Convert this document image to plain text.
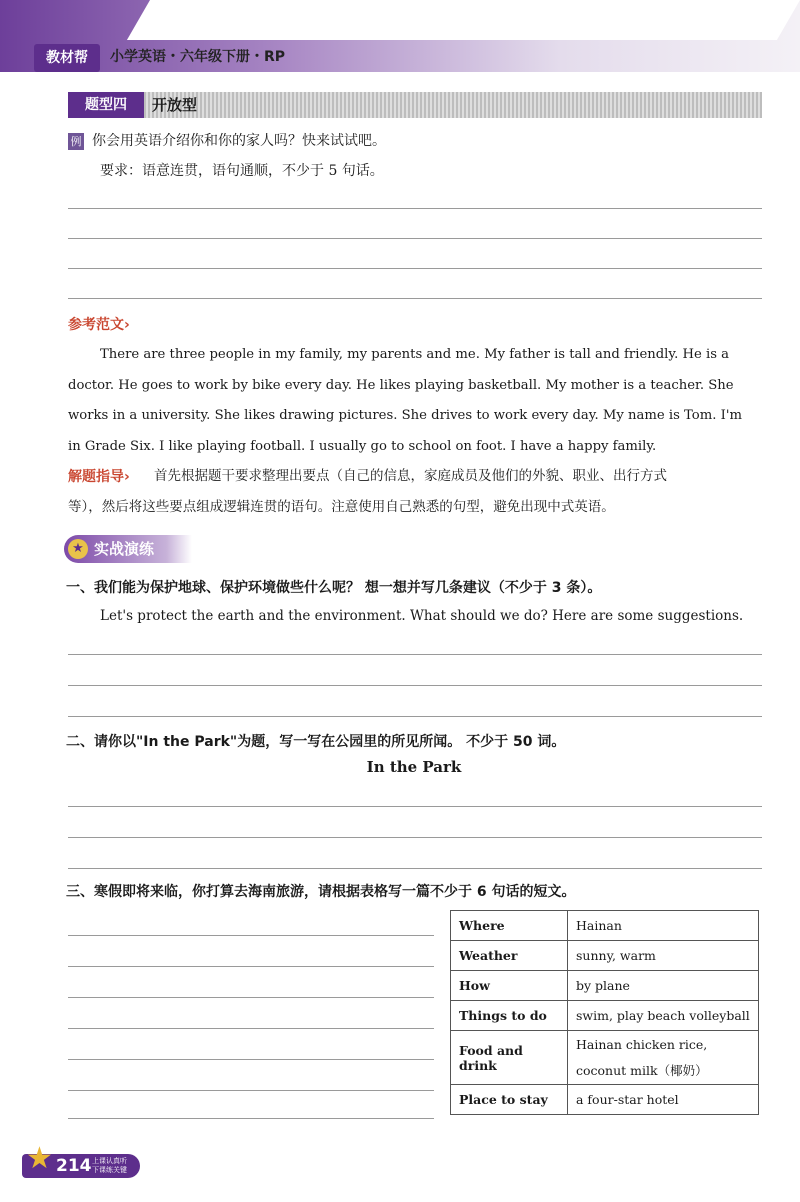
教材帮	小学英语・六年级下册・RP
题型四	开放型
例 你会用英语介绍你和你的家人吗？快来试试吧。
要求：语意连贯，语句通顺，不少于 5 句话。
参考范文›

There are three people in my family, my parents and me. My father is tall and friendly. He is a

doctor. He goes to work by bike every day. He likes playing basketball. My mother is a teacher. She

works in a university. She likes drawing pictures. She drives to work every day. My name is Tom. I'm

in Grade Six. I like playing football. I usually go to school on foot. I have a happy family.

解题指导› 首先根据题干要求整理出要点（自己的信息，家庭成员及他们的外貌、职业、出行方式
等），然后将这些要点组成逻辑连贯的语句。注意使用自己熟悉的句型，避免出现中式英语。
★ 实战演练
一、我们能为保护地球、保护环境做些什么呢？ 想一想并写几条建议（不少于 3 条）。
Let's protect the earth and the environment. What should we do? Here are some suggestions.
二、请你以"In the Park"为题，写一写在公园里的所见所闻。 不少于 50 词。
In the Park
三、寒假即将来临，你打算去海南旅游，请根据表格写一篇不少于 6 句话的短文。
Where	Hainan
Weather	sunny, warm
How	by plane
Things to do	swim, play beach volleyball
Food and drink	Hainan chicken rice,
coconut milk（椰奶）

Place to stay	a four-star hotel
★ 214 上课认真听
下课练关键
